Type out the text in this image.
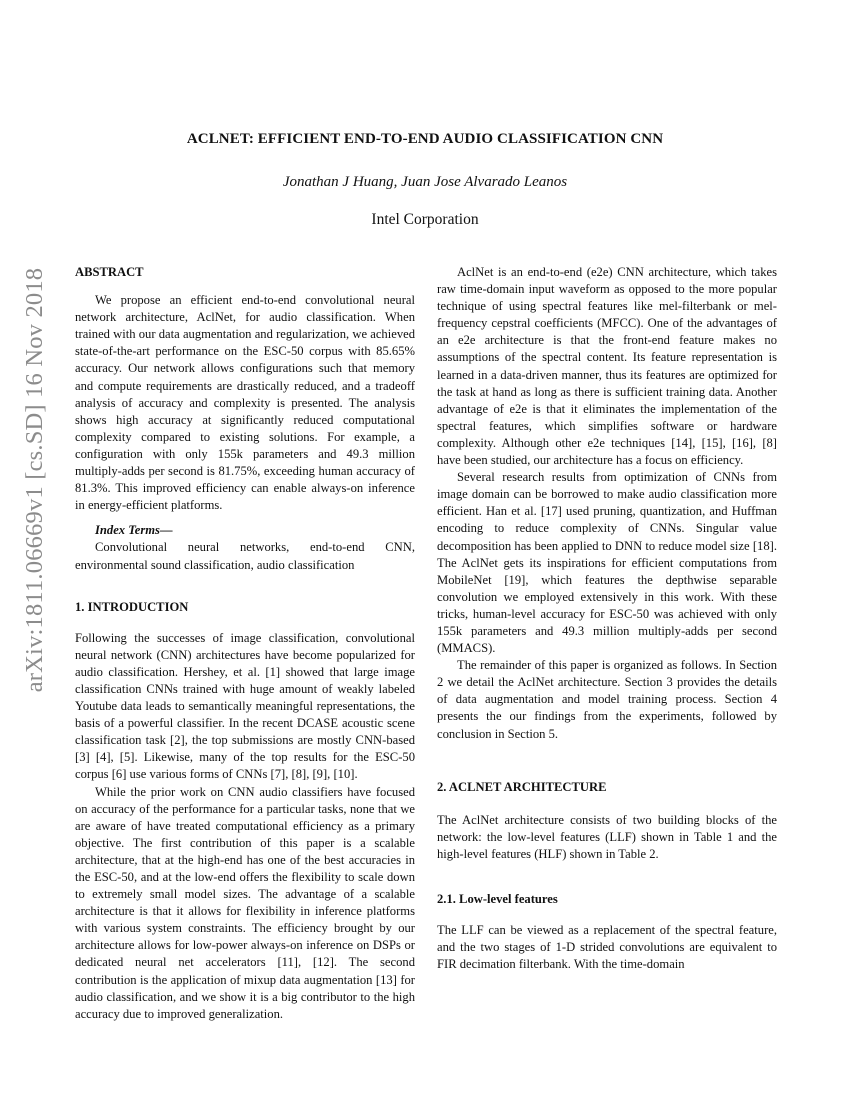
arXiv:1811.06669v1 [cs.SD] 16 Nov 2018
ACLNET: EFFICIENT END-TO-END AUDIO CLASSIFICATION CNN
Jonathan J Huang, Juan Jose Alvarado Leanos
Intel Corporation

ABSTRACT

We propose an efficient end-to-end convolutional neural network architecture, AclNet, for audio classification. When trained with our data augmentation and regularization, we achieved state-of-the-art performance on the ESC-50 corpus with 85.65% accuracy. Our network allows configurations such that memory and compute requirements are drastically reduced, and a tradeoff analysis of accuracy and complexity is presented. The analysis shows high accuracy at significantly reduced computational complexity compared to existing solutions. For example, a configuration with only 155k parameters and 49.3 million multiply-adds per second is 81.75%, exceeding human accuracy of 81.3%. This improved efficiency can enable always-on inference in energy-efficient platforms.

Index Terms—

Convolutional neural networks, end-to-end CNN, environmental sound classification, audio classification

1. INTRODUCTION

Following the successes of image classification, convolutional neural network (CNN) architectures have become popularized for audio classification. Hershey, et al. [1] showed that large image classification CNNs trained with huge amount of weakly labeled Youtube data leads to semantically meaningful representations, the basis of a powerful classifier. In the recent DCASE acoustic scene classification task [2], the top submissions are mostly CNN-based [3] [4], [5]. Likewise, many of the top results for the ESC-50 corpus [6] use various forms of CNNs [7], [8], [9], [10].

While the prior work on CNN audio classifiers have focused on accuracy of the performance for a particular tasks, none that we are aware of have treated computational efficiency as a primary objective. The first contribution of this paper is a scalable architecture, that at the high-end has one of the best accuracies in the ESC-50, and at the low-end offers the flexibility to scale down to extremely small model sizes. The advantage of a scalable architecture is that it allows for flexibility in inference platforms with various system constraints. The efficiency brought by our architecture allows for low-power always-on inference on DSPs or dedicated neural net accelerators [11], [12]. The second contribution is the application of mixup data augmentation [13] for audio classification, and we show it is a big contributor to the high accuracy due to improved generalization.

AclNet is an end-to-end (e2e) CNN architecture, which takes raw time-domain input waveform as opposed to the more popular technique of using spectral features like mel-filterbank or mel-frequency cepstral coefficients (MFCC). One of the advantages of an e2e architecture is that the front-end feature makes no assumptions of the spectral content. Its feature representation is learned in a data-driven manner, thus its features are optimized for the task at hand as long as there is sufficient training data. Another advantage of e2e is that it eliminates the implementation of the spectral features, which simplifies software or hardware complexity. Although other e2e techniques [14], [15], [16], [8] have been studied, our architecture has a focus on efficiency.

Several research results from optimization of CNNs from image domain can be borrowed to make audio classification more efficient. Han et al. [17] used pruning, quantization, and Huffman encoding to reduce complexity of CNNs. Singular value decomposition has been applied to DNN to reduce model size [18]. The AclNet gets its inspirations for efficient computations from MobileNet [19], which features the depthwise separable convolution we employed extensively in this work. With these tricks, human-level accuracy for ESC-50 was achieved with only 155k parameters and 49.3 million multiply-adds per second (MMACS).

The remainder of this paper is organized as follows. In Section 2 we detail the AclNet architecture. Section 3 provides the details of data augmentation and model training process. Section 4 presents the our findings from the experiments, followed by conclusion in Section 5.

2. ACLNET ARCHITECTURE

The AclNet architecture consists of two building blocks of the network: the low-level features (LLF) shown in Table 1 and the high-level features (HLF) shown in Table 2.

2.1. Low-level features

The LLF can be viewed as a replacement of the spectral feature, and the two stages of 1-D strided convolutions are equivalent to FIR decimation filterbank. With the time-domain
